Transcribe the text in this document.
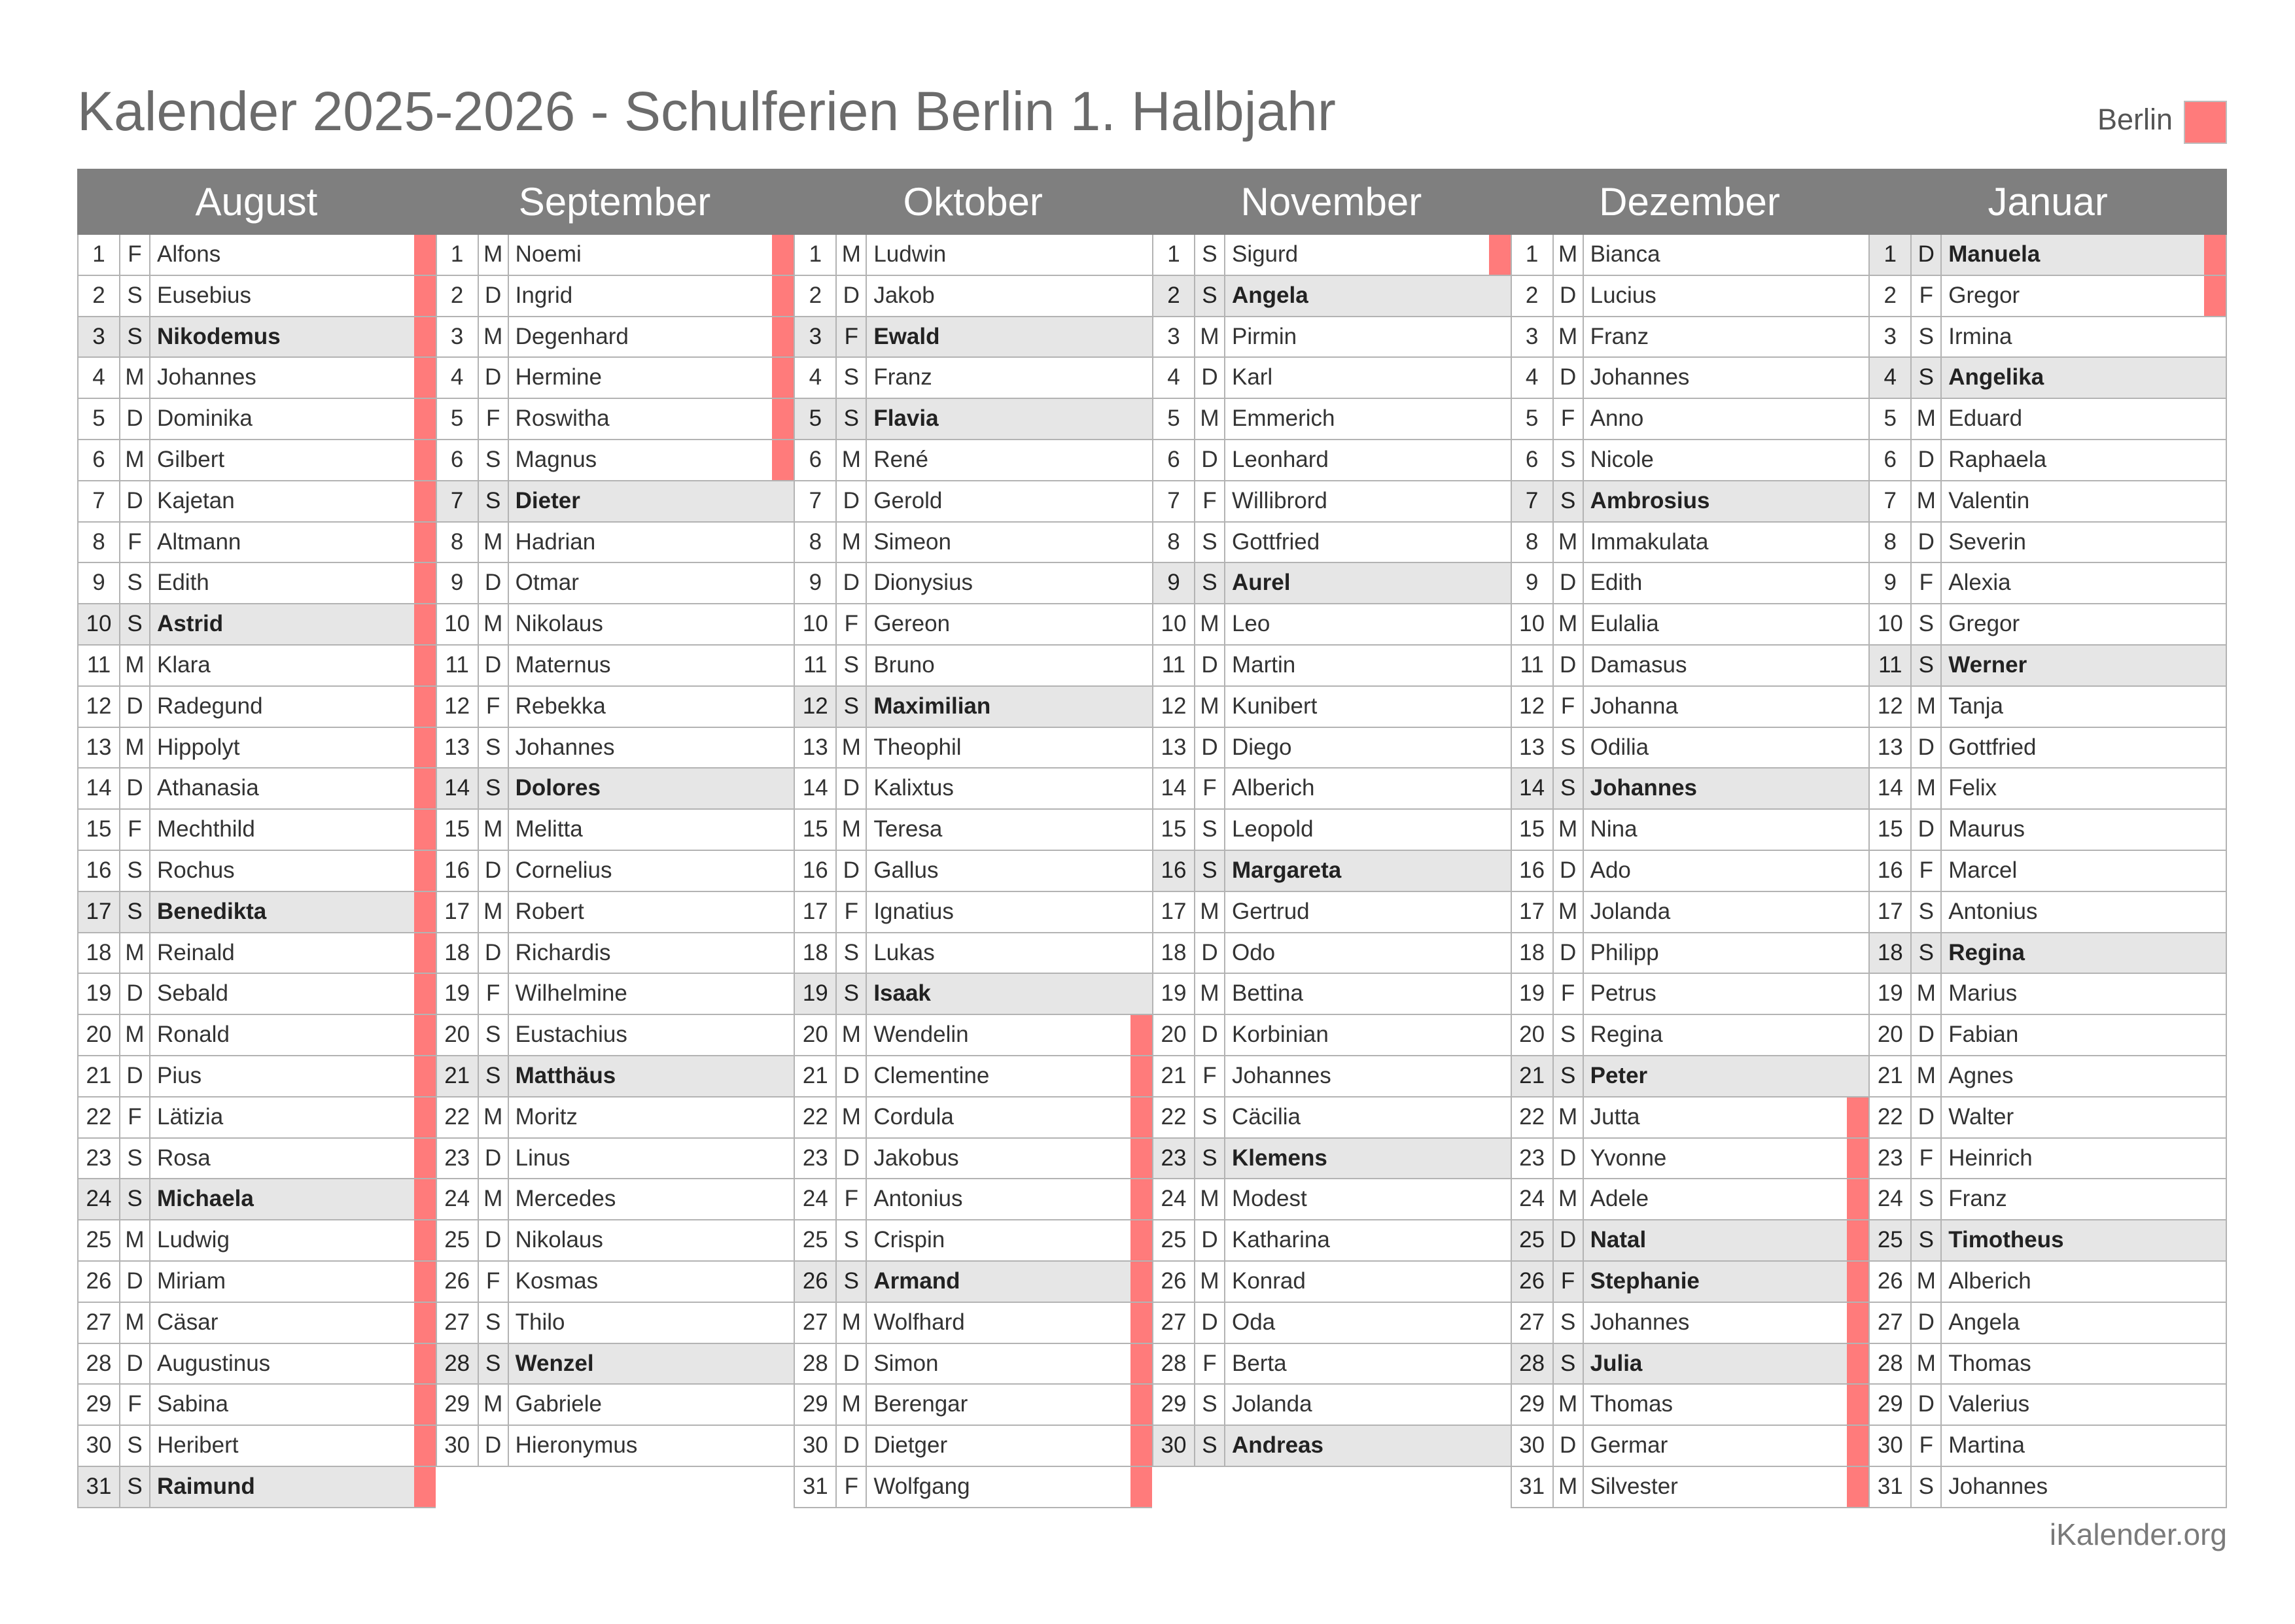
Kalender 2025-2026 - Schulferien Berlin 1. Halbjahr	Berlin
August	September	Oktober	November	Dezember	Januar
1 F Alfons
2 S Eusebius
3 S Nikodemus
4 M Johannes
5 D Dominika
6 M Gilbert
7 D Kajetan
8 F Altmann
9 S Edith
10 S Astrid
11 M Klara
12 D Radegund
13 M Hippolyt
14 D Athanasia
15 F Mechthild
16 S Rochus
17 S Benedikta
18 M Reinald
19 D Sebald
20 M Ronald
21 D Pius
22 F Lätizia
23 S Rosa
24 S Michaela
25 M Ludwig
26 D Miriam
27 M Cäsar
28 D Augustinus
29 F Sabina
30 S Heribert
31 S Raimund
1 M Noemi
2 D Ingrid
3 M Degenhard
4 D Hermine
5 F Roswitha
6 S Magnus
7 S Dieter
8 M Hadrian
9 D Otmar
10 M Nikolaus
11 D Maternus
12 F Rebekka
13 S Johannes
14 S Dolores
15 M Melitta
16 D Cornelius
17 M Robert
18 D Richardis
19 F Wilhelmine
20 S Eustachius
21 S Matthäus
22 M Moritz
23 D Linus
24 M Mercedes
25 D Nikolaus
26 F Kosmas
27 S Thilo
28 S Wenzel
29 M Gabriele
30 D Hieronymus
1 M Ludwin
2 D Jakob
3 F Ewald
4 S Franz
5 S Flavia
6 M René
7 D Gerold
8 M Simeon
9 D Dionysius
10 F Gereon
11 S Bruno
12 S Maximilian
13 M Theophil
14 D Kalixtus
15 M Teresa
16 D Gallus
17 F Ignatius
18 S Lukas
19 S Isaak
20 M Wendelin
21 D Clementine
22 M Cordula
23 D Jakobus
24 F Antonius
25 S Crispin
26 S Armand
27 M Wolfhard
28 D Simon
29 M Berengar
30 D Dietger
31 F Wolfgang
1 S Sigurd
2 S Angela
3 M Pirmin
4 D Karl
5 M Emmerich
6 D Leonhard
7 F Willibrord
8 S Gottfried
9 S Aurel
10 M Leo
11 D Martin
12 M Kunibert
13 D Diego
14 F Alberich
15 S Leopold
16 S Margareta
17 M Gertrud
18 D Odo
19 M Bettina
20 D Korbinian
21 F Johannes
22 S Cäcilia
23 S Klemens
24 M Modest
25 D Katharina
26 M Konrad
27 D Oda
28 F Berta
29 S Jolanda
30 S Andreas
1 M Bianca
2 D Lucius
3 M Franz
4 D Johannes
5 F Anno
6 S Nicole
7 S Ambrosius
8 M Immakulata
9 D Edith
10 M Eulalia
11 D Damasus
12 F Johanna
13 S Odilia
14 S Johannes
15 M Nina
16 D Ado
17 M Jolanda
18 D Philipp
19 F Petrus
20 S Regina
21 S Peter
22 M Jutta
23 D Yvonne
24 M Adele
25 D Natal
26 F Stephanie
27 S Johannes
28 S Julia
29 M Thomas
30 D Germar
31 M Silvester
1 D Manuela
2 F Gregor
3 S Irmina
4 S Angelika
5 M Eduard
6 D Raphaela
7 M Valentin
8 D Severin
9 F Alexia
10 S Gregor
11 S Werner
12 M Tanja
13 D Gottfried
14 M Felix
15 D Maurus
16 F Marcel
17 S Antonius
18 S Regina
19 M Marius
20 D Fabian
21 M Agnes
22 D Walter
23 F Heinrich
24 S Franz
25 S Timotheus
26 M Alberich
27 D Angela
28 M Thomas
29 D Valerius
30 F Martina
31 S Johannes
iKalender.org
